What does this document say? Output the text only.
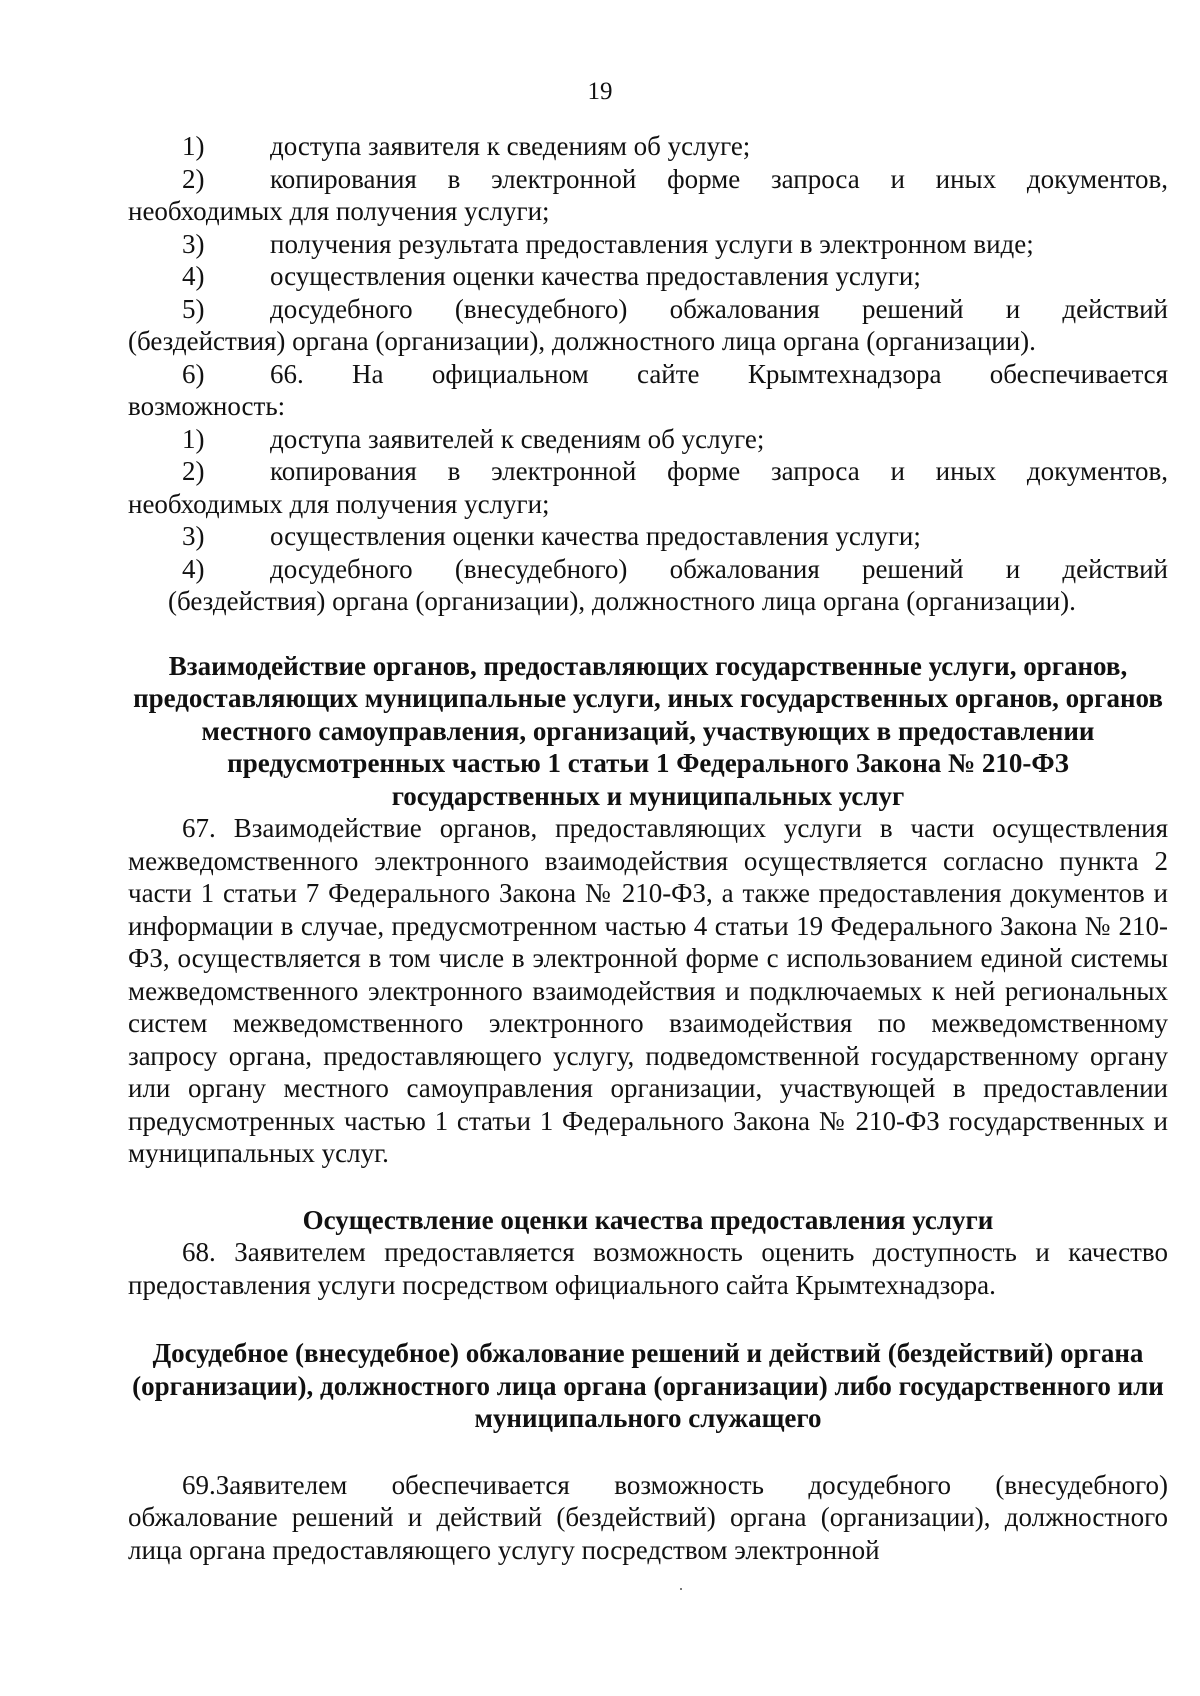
19
1)	доступа заявителя к сведениям об услуге;
2)	копирования в электронной форме запроса и иных документов,
необходимых для получения услуги;
3)	получения результата предоставления услуги в электронном виде;
4)	осуществления оценки качества предоставления услуги;
5)	досудебного (внесудебного) обжалования решений и действий
(бездействия) органа (организации), должностного лица органа (организации).
6)	66. На официальном сайте Крымтехнадзора обеспечивается
возможность:
1)	доступа заявителей к сведениям об услуге;
2)	копирования в электронной форме запроса и иных документов,
необходимых для получения услуги;
3)	осуществления оценки качества предоставления услуги;
4)	досудебного (внесудебного) обжалования решений и действий
(бездействия) органа (организации), должностного лица органа (организации).

Взаимодействие органов, предоставляющих государственные услуги, органов, предоставляющих муниципальные услуги, иных государственных органов, органов местного самоуправления, организаций, участвующих в предоставлении предусмотренных частью 1 статьи 1 Федерального Закона № 210-ФЗ государственных и муниципальных услуг

67. Взаимодействие органов, предоставляющих услуги в части осуществления межведомственного электронного взаимодействия осуществляется согласно пункта 2 части 1 статьи 7 Федерального Закона № 210-ФЗ, а также предоставления документов и информации в случае, предусмотренном частью 4 статьи 19 Федерального Закона № 210-ФЗ, осуществляется в том числе в электронной форме с использованием единой системы межведомственного электронного взаимодействия и подключаемых к ней региональных систем межведомственного электронного взаимодействия по межведомственному запросу органа, предоставляющего услугу, подведомственной государственному органу или органу местного самоуправления организации, участвующей в предоставлении предусмотренных частью 1 статьи 1 Федерального Закона № 210-ФЗ государственных и муниципальных услуг.

Осуществление оценки качества предоставления услуги

68. Заявителем предоставляется возможность оценить доступность и качество предоставления услуги посредством официального сайта Крымтехнадзора.

Досудебное (внесудебное) обжалование решений и действий (бездействий) органа (организации), должностного лица органа (организации) либо государственного или муниципального служащего

69.Заявителем обеспечивается возможность досудебного (внесудебного) обжалование решений и действий (бездействий) органа (организации), должностного лица органа предоставляющего услугу посредством электронной
